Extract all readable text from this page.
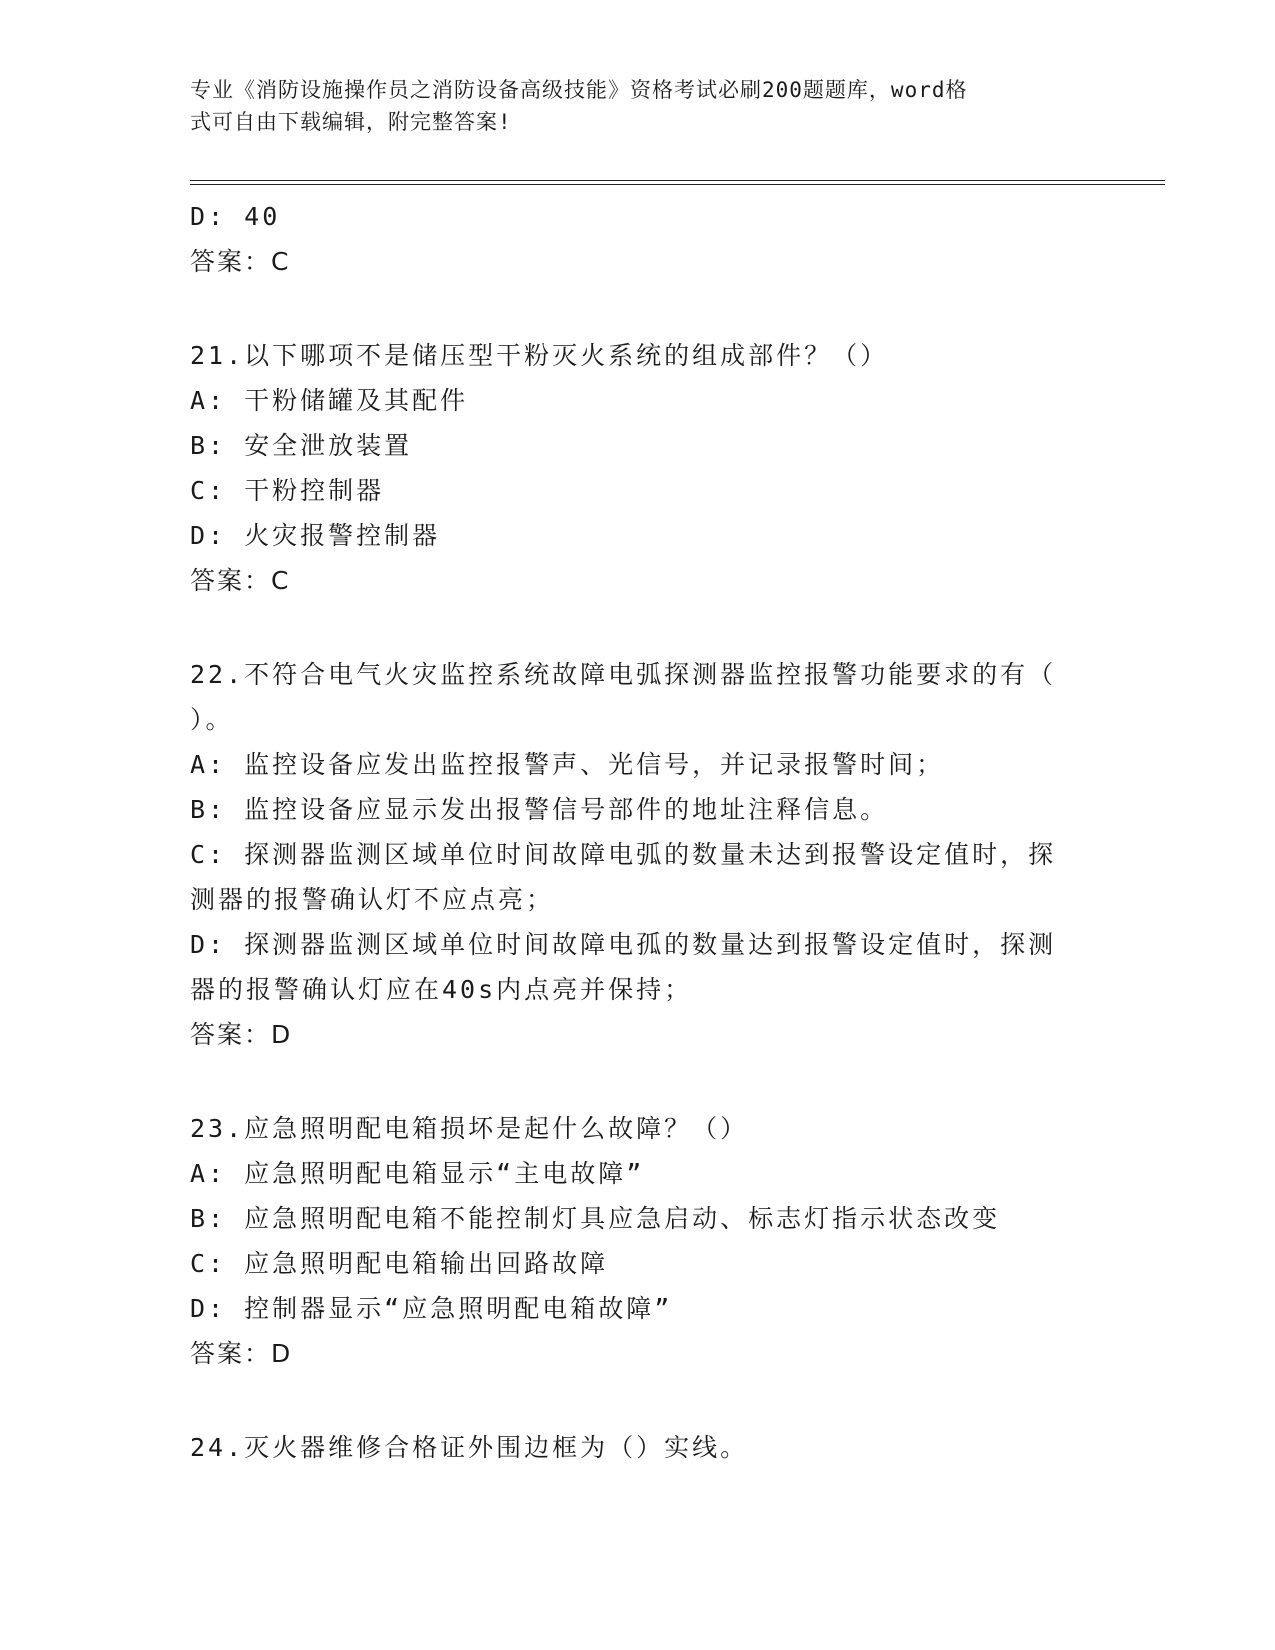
专业《消防设施操作员之消防设备高级技能》资格考试必刷200题题库，word格

式可自由下载编辑，附完整答案!

D: 40

答案：C

21.以下哪项不是储压型干粉灭火系统的组成部件？（）

A: 干粉储罐及其配件

B: 安全泄放装置

C: 干粉控制器

D: 火灾报警控制器

答案：C

22.不符合电气火灾监控系统故障电弧探测器监控报警功能要求的有（

）。

A: 监控设备应发出监控报警声、光信号，并记录报警时间；

B: 监控设备应显示发出报警信号部件的地址注释信息。

C: 探测器监测区域单位时间故障电弧的数量未达到报警设定值时，探

测器的报警确认灯不应点亮；

D: 探测器监测区域单位时间故障电孤的数量达到报警设定值时，探测

器的报警确认灯应在40s内点亮并保持；

答案：D

23.应急照明配电箱损坏是起什么故障？（）

A: 应急照明配电箱显示“主电故障”

B: 应急照明配电箱不能控制灯具应急启动、标志灯指示状态改变

C: 应急照明配电箱输出回路故障

D: 控制器显示“应急照明配电箱故障”

答案：D

24.灭火器维修合格证外围边框为（）实线。
